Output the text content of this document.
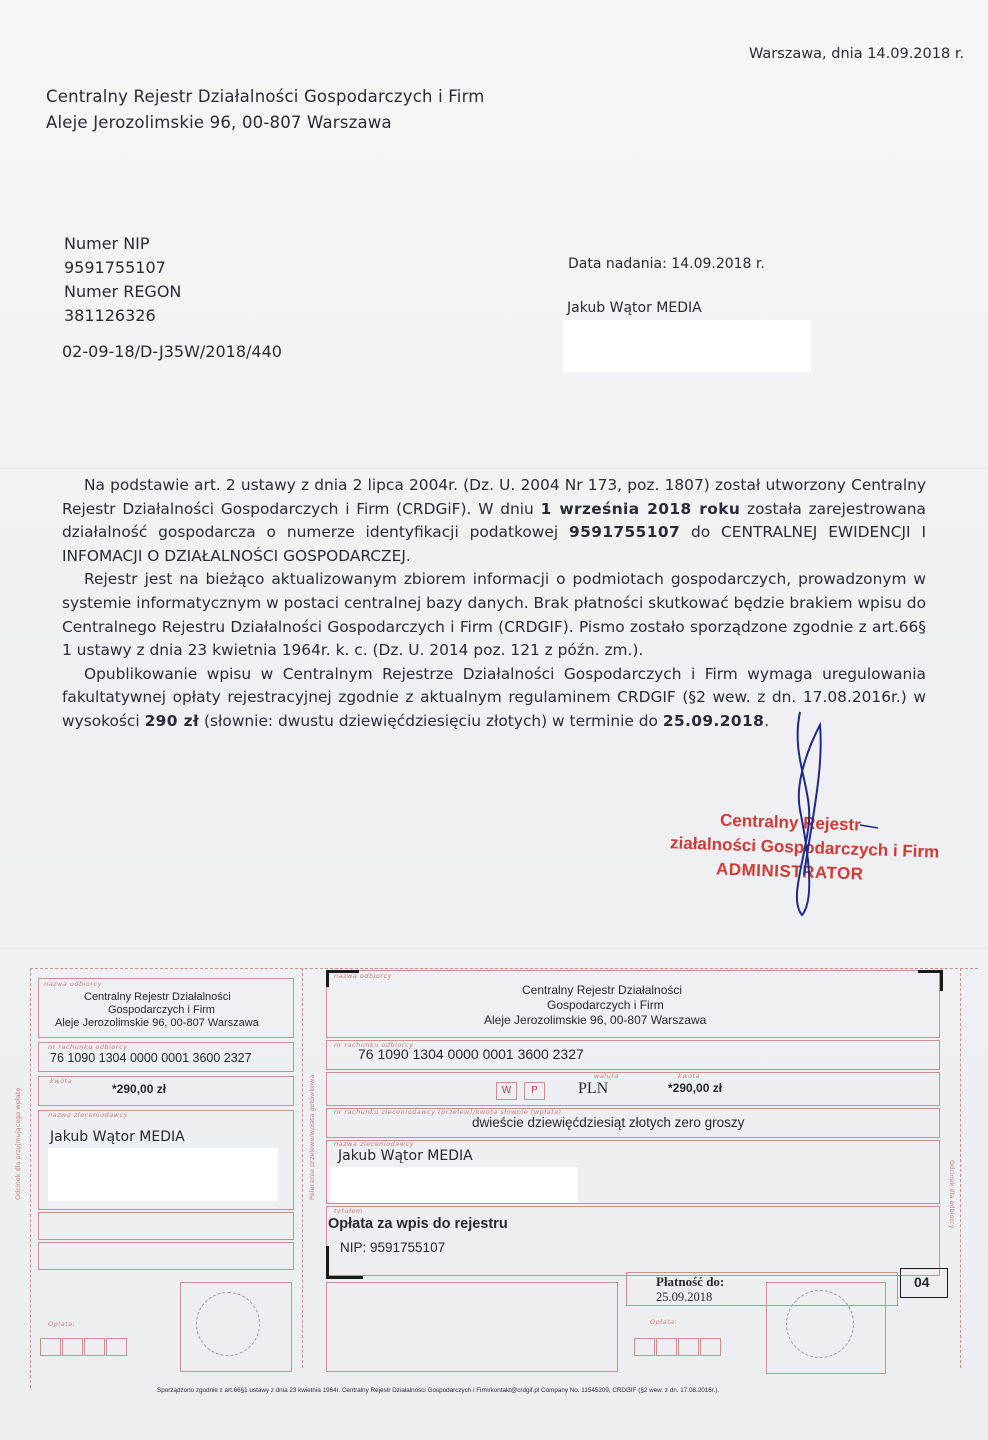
Warszawa, dnia 14.09.2018 r.
Centralny Rejestr Działalności Gospodarczych i Firm
Aleje Jerozolimskie 96, 00-807 Warszawa
Numer NIP
9591755107
Numer REGON
381126326
02-09-18/D-J35W/2018/440
Data nadania: 14.09.2018 r.
Jakub Wątor MEDIA

Na podstawie art. 2 ustawy z dnia 2 lipca 2004r. (Dz. U. 2004 Nr 173, poz. 1807) został utworzony Centralny Rejestr Działalności Gospodarczych i Firm (CRDGiF). W dniu 1 września 2018 roku została zarejestrowana działalność gospodarcza o numerze identyfikacji podatkowej 9591755107 do CENTRALNEJ EWIDENCJI I INFOMACJI O DZIAŁALNOŚCI GOSPODARCZEJ.

Rejestr jest na bieżąco aktualizowanym zbiorem informacji o podmiotach gospodarczych, prowadzonym w systemie informatycznym w postaci centralnej bazy danych. Brak płatności skutkować będzie brakiem wpisu do Centralnego Rejestru Działalności Gospodarczych i Firm (CRDGIF). Pismo zostało sporządzone zgodnie z art.66§ 1 ustawy z dnia 23 kwietnia 1964r. k. c. (Dz. U. 2014 poz. 121 z późn. zm.).

Opublikowanie wpisu w Centralnym Rejestrze Działalności Gospodarczych i Firm wymaga uregulowania fakultatywnej opłaty rejestracyjnej zgodnie z aktualnym regulaminem CRDGIF (§2 wew. z dn. 17.08.2016r.) w wysokości 290 zł (słownie: dwustu dziewięćdziesięciu złotych) w terminie do 25.09.2018.

Centralny Rejestr
ziałalności Gospodarczych i Firm
ADMINISTRATOR
Odcinek dla przyjmującego wpłatę	Polecenie przelewu/wpłata gotówkowa	Odcinek dla odbiorcy
nazwa odbiorcy
Centralny Rejestr Działalności
Gospodarczych i Firm
Aleje Jerozolimskie 96, 00-807 Warszawa
nr rachunku odbiorcy
76 1090 1304 0000 0001 3600 2327
kwota
*290,00 zł
nazwa zleceniodawcy
Jakub Wątor MEDIA
Opłata:
nazwa odbiorcy
Centralny Rejestr Działalności
Gospodarczych i Firm
Aleje Jerozolimskie 96, 00-807 Warszawa
nr rachunku odbiorcy
76 1090 1304 0000 0001 3600 2327
W	P
waluta
PLN
kwota
*290,00 zł
nr rachunku zleceniodawcy (przelew)/kwota słownie (wpłata)
dwieście dziewięćdziesiąt złotych zero groszy
nazwa zleceniodawcy
Jakub Wątor MEDIA
tytułem
Opłata za wpis do rejestru
NIP: 9591755107
Płatność do:
25.09.2018
04
Opłata:
Sporządzono zgodnie z art.66§1 ustawy z dnia 23 kwietnia 1964r. Centralny Rejestr Działalności Gospodarczych i Firm/kontakt@crdgif.pl Company No. 11545209, CRDGIF (§2 wew. z dn. 17.08.2016r.).
